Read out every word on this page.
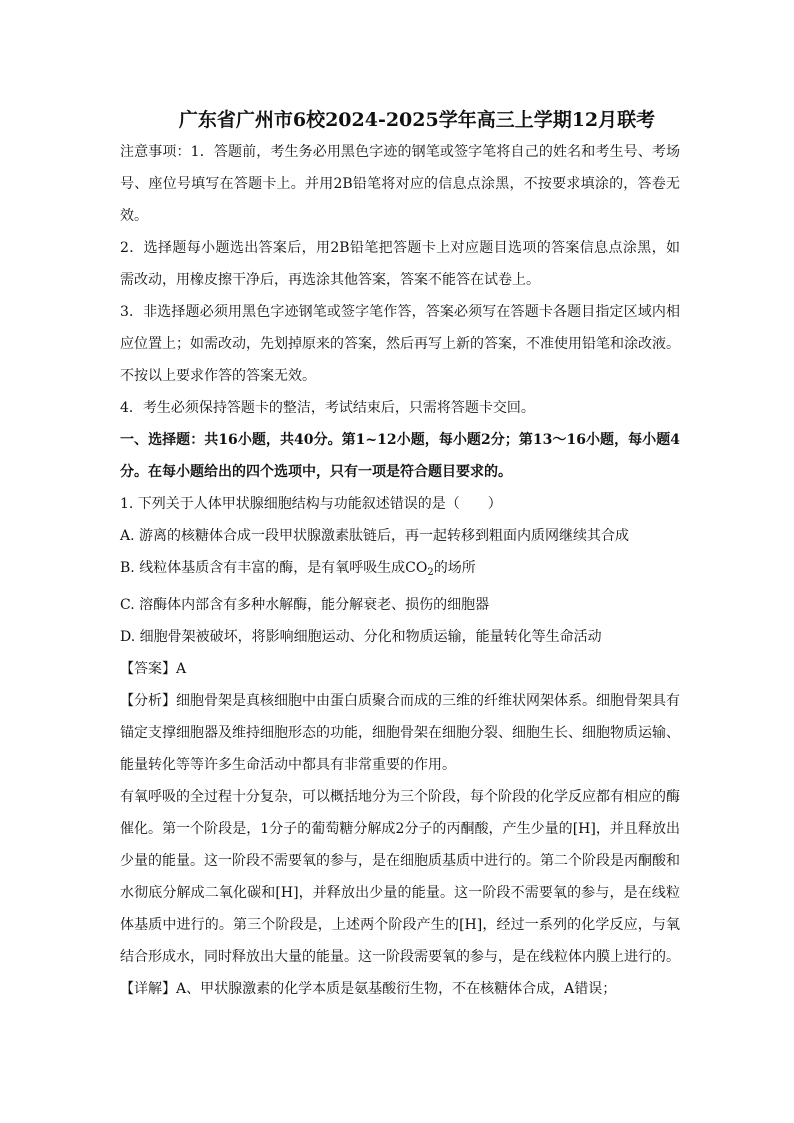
广东省广州市6校2024-2025学年高三上学期12月联考

注意事项：1．答题前，考生务必用黑色字迹的钢笔或签字笔将自己的姓名和考生号、考场号、座位号填写在答题卡上。并用2B铅笔将对应的信息点涂黑，不按要求填涂的，答卷无效。

2．选择题每小题选出答案后，用2B铅笔把答题卡上对应题目选项的答案信息点涂黑，如需改动，用橡皮擦干净后，再选涂其他答案，答案不能答在试卷上。

3．非选择题必须用黑色字迹钢笔或签字笔作答，答案必须写在答题卡各题目指定区域内相应位置上；如需改动，先划掉原来的答案，然后再写上新的答案，不准使用铅笔和涂改液。不按以上要求作答的答案无效。

4．考生必须保持答题卡的整洁，考试结束后，只需将答题卡交回。

一、选择题：共16小题，共40分。第1~12小题，每小题2分；第13～16小题，每小题4分。在每小题给出的四个选项中，只有一项是符合题目要求的。

1. 下列关于人体甲状腺细胞结构与功能叙述错误的是（　　）

A. 游离的核糖体合成一段甲状腺激素肽链后，再一起转移到粗面内质网继续其合成

B. 线粒体基质含有丰富的酶，是有氧呼吸生成$CO_2$的场所

C. 溶酶体内部含有多种水解酶，能分解衰老、损伤的细胞器

D. 细胞骨架被破坏，将影响细胞运动、分化和物质运输，能量转化等生命活动

【答案】A

【分析】细胞骨架是真核细胞中由蛋白质聚合而成的三维的纤维状网架体系。细胞骨架具有锚定支撑细胞器及维持细胞形态的功能，细胞骨架在细胞分裂、细胞生长、细胞物质运输、能量转化等等许多生命活动中都具有非常重要的作用。

有氧呼吸的全过程十分复杂，可以概括地分为三个阶段，每个阶段的化学反应都有相应的酶催化。第一个阶段是，1分子的葡萄糖分解成2分子的丙酮酸，产生少量的[H]，并且释放出少量的能量。这一阶段不需要氧的参与，是在细胞质基质中进行的。第二个阶段是丙酮酸和水彻底分解成二氧化碳和[H]，并释放出少量的能量。这一阶段不需要氧的参与，是在线粒体基质中进行的。第三个阶段是，上述两个阶段产生的[H]，经过一系列的化学反应，与氧结合形成水，同时释放出大量的能量。这一阶段需要氧的参与，是在线粒体内膜上进行的。

【详解】A、甲状腺激素的化学本质是氨基酸衍生物，不在核糖体合成，A错误；
